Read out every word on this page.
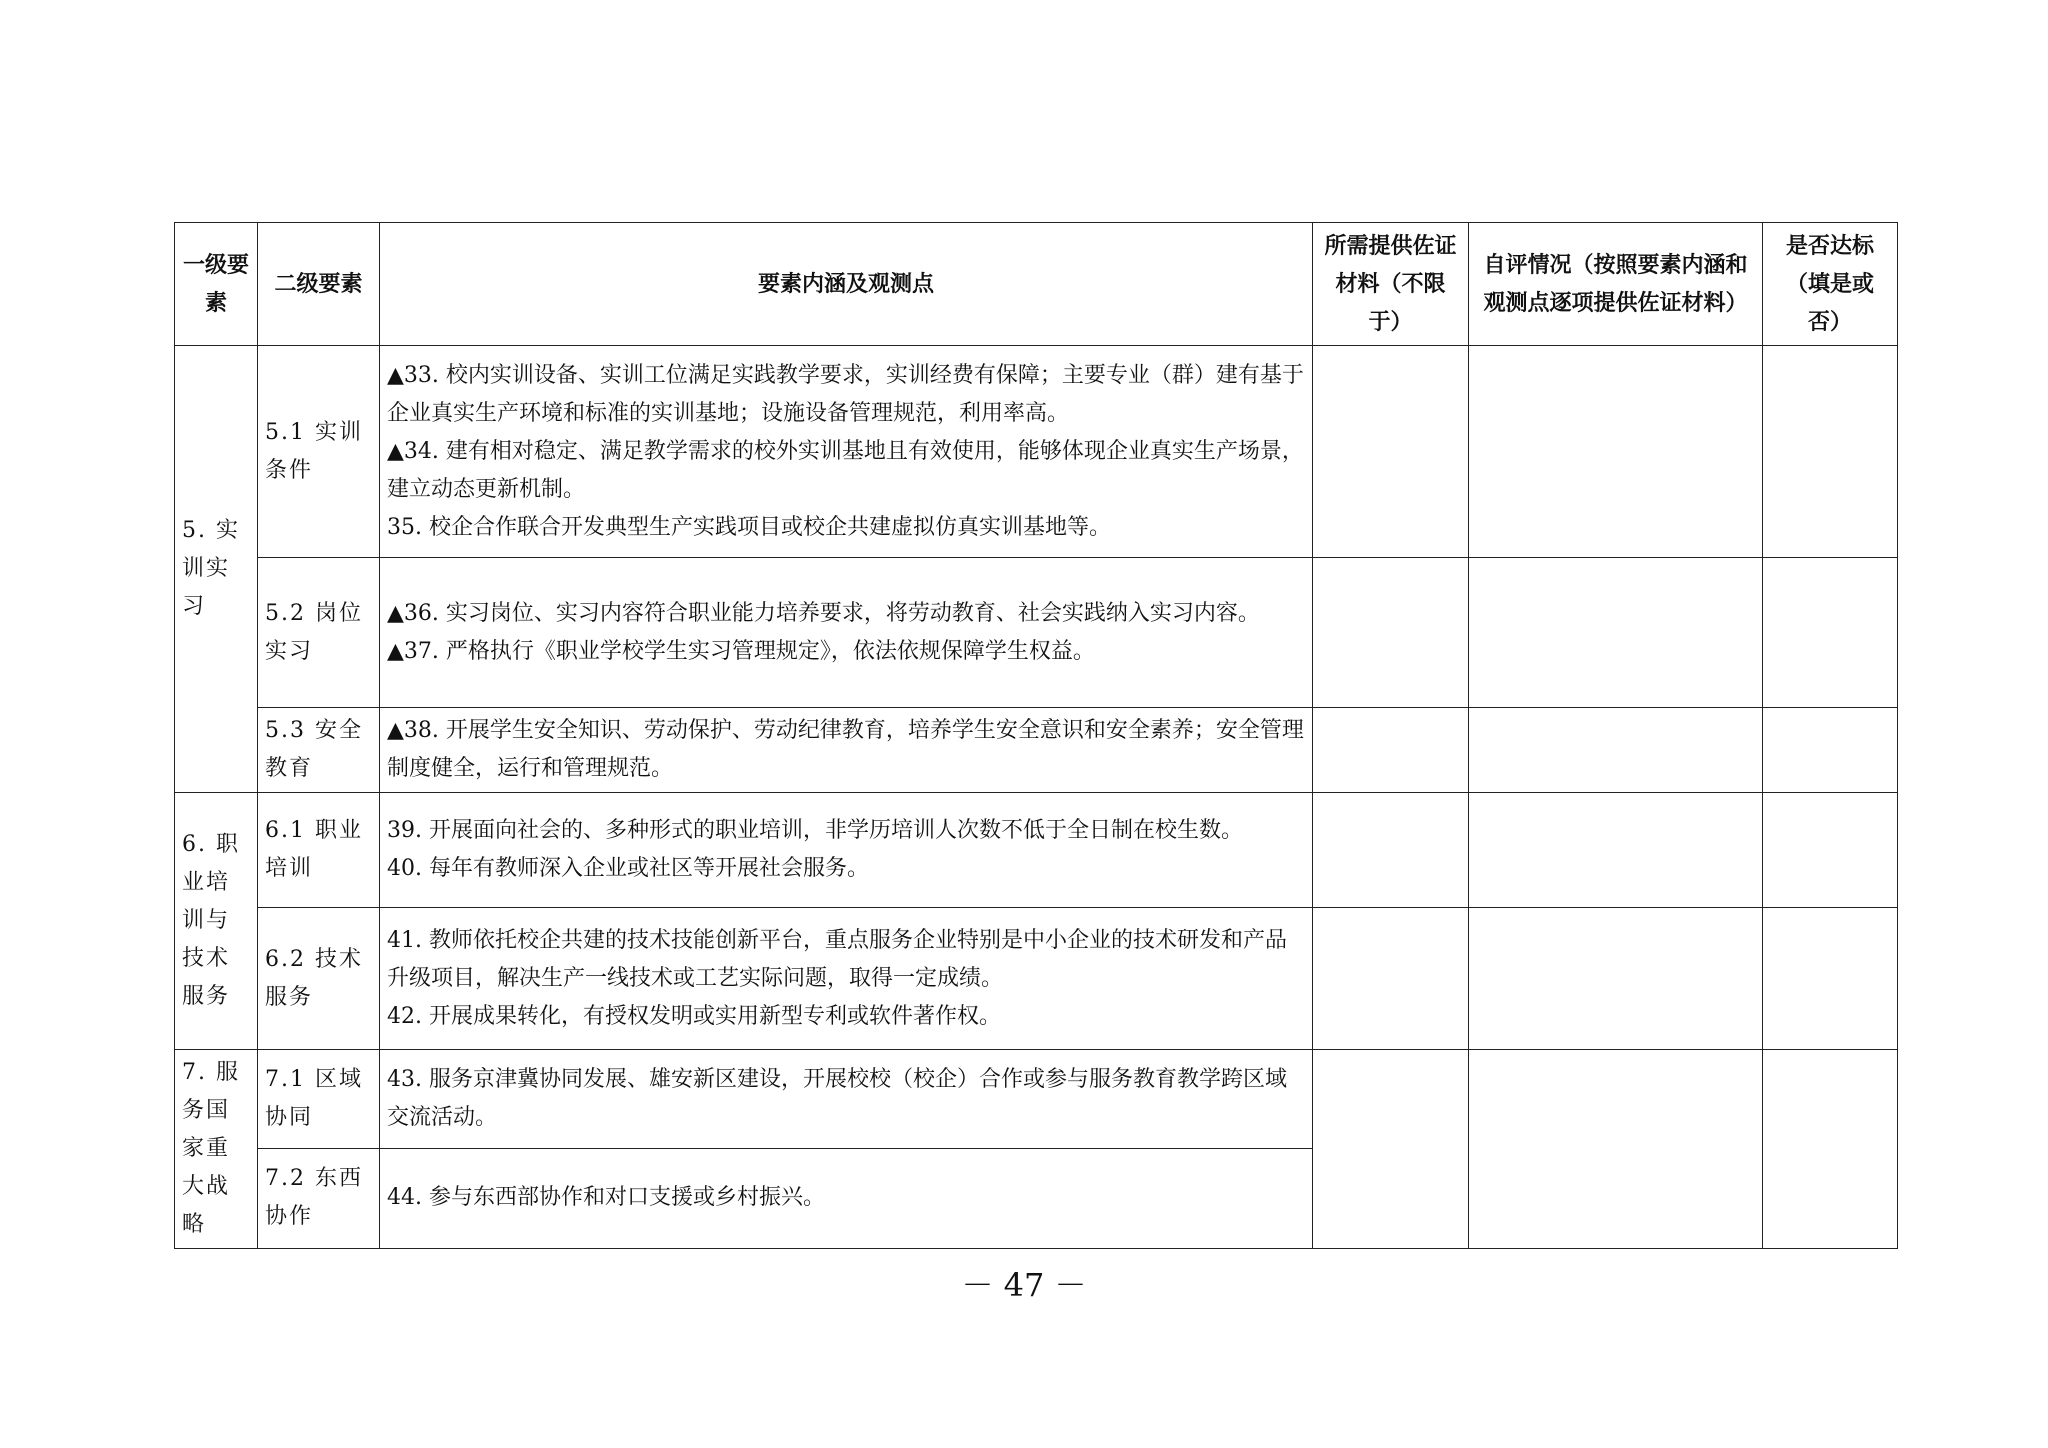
一级要素	二级要素	要素内涵及观测点	所需提供佐证材料（不限于）	自评情况（按照要素内涵和观测点逐项提供佐证材料）	是否达标（填是或否）
5. 实训实习	5.1 实训条件	▲33. 校内实训设备、实训工位满足实践教学要求，实训经费有保障；主要专业（群）建有基于企业真实生产环境和标准的实训基地；设施设备管理规范，利用率高。
▲34. 建有相对稳定、满足教学需求的校外实训基地且有效使用，能够体现企业真实生产场景，建立动态更新机制。
35. 校企合作联合开发典型生产实践项目或校企共建虚拟仿真实训基地等。			

	5.2 岗位实习	▲36. 实习岗位、实习内容符合职业能力培养要求，将劳动教育、社会实践纳入实习内容。
▲37. 严格执行《职业学校学生实习管理规定》，依法依规保障学生权益。			

	5.3 安全教育	▲38. 开展学生安全知识、劳动保护、劳动纪律教育，培养学生安全意识和安全素养；安全管理制度健全，运行和管理规范。			

6. 职业培训与技术服务	6.1 职业培训	39. 开展面向社会的、多种形式的职业培训，非学历培训人次数不低于全日制在校生数。
40. 每年有教师深入企业或社区等开展社会服务。			

	6.2 技术服务	41. 教师依托校企共建的技术技能创新平台，重点服务企业特别是中小企业的技术研发和产品升级项目，解决生产一线技术或工艺实际问题，取得一定成绩。
42. 开展成果转化，有授权发明或实用新型专利或软件著作权。			

7. 服务国家重大战略	7.1 区域协同	43. 服务京津冀协同发展、雄安新区建设，开展校校（校企）合作或参与服务教育教学跨区域交流活动。			

	7.2 东西协作	44. 参与东西部协作和对口支援或乡村振兴。			
－ 47 －
